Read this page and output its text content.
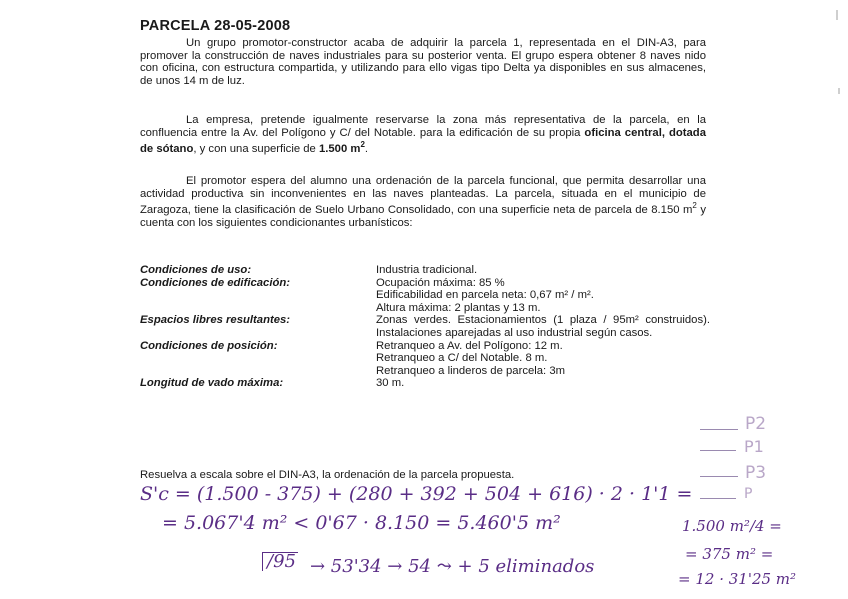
PARCELA 28-05-2008
Un grupo promotor-constructor acaba de adquirir la parcela 1, representada en el DIN-A3, para promover la construcción de naves industriales para su posterior venta. El grupo espera obtener 8 naves nido con oficina, con estructura compartida, y utilizando para ello vigas tipo Delta ya disponibles en sus almacenes, de unos 14 m de luz.
La empresa, pretende igualmente reservarse la zona más representativa de la parcela, en la confluencia entre la Av. del Polígono y C/ del Notable. para la edificación de su propia oficina central, dotada de sótano, y con una superficie de 1.500 $m^2$.
El promotor espera del alumno una ordenación de la parcela funcional, que permita desarrollar una actividad productiva sin inconvenientes en las naves planteadas. La parcela, situada en el municipio de Zaragoza, tiene la clasificación de Suelo Urbano Consolidado, con una superficie neta de parcela de 8.150 $m^2$ y cuenta con los siguientes condicionantes urbanísticos:
Condiciones de uso:	Industria tradicional.
Condiciones de edificación:	Ocupación máxima: 85 %
Edificabilidad en parcela neta: 0,67 m² / m².
Altura máxima: 2 plantas y 13 m.
Espacios libres resultantes:	Zonas verdes. Estacionamientos (1 plaza / 95m² construidos). Instalaciones aparejadas al uso industrial según casos.
Condiciones de posición:	Retranqueo a Av. del Polígono: 12 m.
Retranqueo a C/ del Notable. 8 m.
Retranqueo a linderos de parcela: 3m
Longitud de vado máxima:	30 m.
Resuelva a escala sobre el DIN-A3, la ordenación de la parcela propuesta.
S'c = (1.500 - 375) + (280 + 392 + 504 + 616) · 2 · 1'1 =
= 5.067'4 m² < 0'67 · 8.150 = 5.460'5 m²
/95 → 53'34 → 54 ⤳ + 5 eliminados
P2
P1
P3
P
1.500 m²/4 =
= 375 m² =
= 12 · 31'25 m²
